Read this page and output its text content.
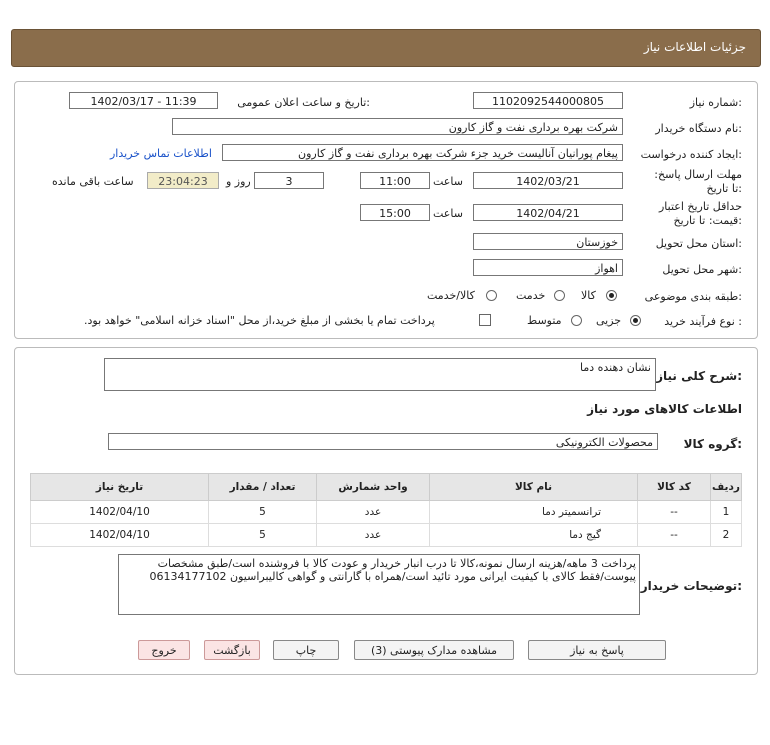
جزئیات اطلاعات نیاز
شماره نیاز:
1102092544000805
تاریخ و ساعت اعلان عمومی:
1402/03/17 - 11:39
نام دستگاه خریدار:
شرکت بهره برداری نفت و گاز کارون
ایجاد کننده درخواست:
پیغام پورانیان آنالیست خرید جزء شرکت بهره برداری نفت و گاز کارون
اطلاعات تماس خریدار
مهلت ارسال پاسخ: تا تاریخ:
1402/03/21
ساعت
11:00
3
روز و
23:04:23
ساعت باقی مانده
حداقل تاریخ اعتبار قیمت: تا تاریخ:
1402/04/21
ساعت
15:00
استان محل تحویل:
خوزستان
شهر محل تحویل:
اهواز
طبقه بندی موضوعی:
کالا
خدمت
کالا/خدمت
نوع فرآیند خرید :
جزیی
متوسط
پرداخت تمام یا بخشی از مبلغ خرید،از محل "اسناد خزانه اسلامی" خواهد بود.
شرح کلی نیاز:
نشان دهنده دما
اطلاعات کالاهای مورد نیاز
گروه کالا:
محصولات الکترونیکی
ردیف	کد کالا	نام کالا	واحد شمارش	تعداد / مقدار	تاریخ نیاز
1	--	ترانسمیتر دما	عدد	5	1402/04/10
2	--	گیج دما	عدد	5	1402/04/10
توضیحات خریدار:
پرداخت 3 ماهه/هزینه ارسال نمونه،کالا تا درب انبار خریدار و عودت کالا با فروشنده است/طبق مشخصات پیوست/فقط کالای با کیفیت ایرانی مورد تائید است/همراه با گارانتی و گواهی کالیبراسیون 06134177102
پاسخ به نیاز
مشاهده مدارک پیوستی (3)
چاپ
بازگشت
خروج
